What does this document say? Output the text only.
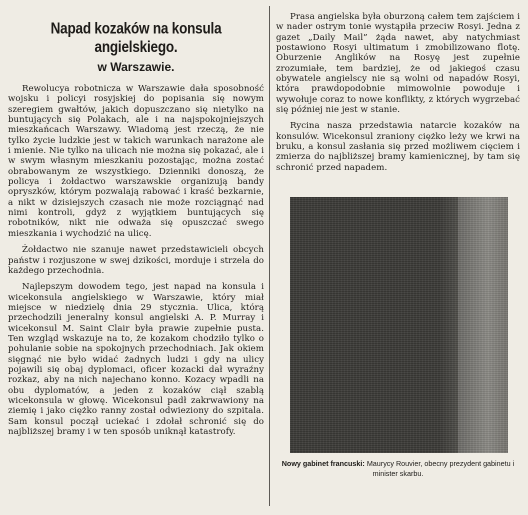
Napad kozaków na konsula angielskiego.
w Warszawie.

Rewolucya robotnicza w Warszawie dała sposobność wojsku i policyi rosyjskiej do popisania się nowym szeregiem gwałtów, jakich dopuszczano się nietylko na buntujących się Polakach, ale i na najspokojniejszych mieszkańcach Warszawy. Wiadomą jest rzeczą, że nie tylko życie ludzkie jest w takich warunkach narażone ale i mienie. Nie tylko na ulicach nie można się pokazać, ale i w swym własnym mieszkaniu pozostając, można zostać obrabowanym ze wszystkiego. Dzienniki donoszą, że policya i żołdactwo warszawskie organizują bandy opryszków, którym pozwalają rabować i kraść bezkarnie, a nikt w dzisiejszych czasach nie może rozciągnąć nad nimi kontroli, gdyż z wyjątkiem buntujących się robotników, nikt nie odważa się opuszczać swego mieszkania i wychodzić na ulicę.

Żołdactwo nie szanuje nawet przedstawicieli obcych państw i rozjuszone w swej dzikości, morduje i strzela do każdego przechodnia.

Najlepszym dowodem tego, jest napad na konsula i wicekonsula angielskiego w Warszawie, który miał miejsce w niedzielę dnia 29 stycznia. Ulica, którą przechodzili jeneralny konsul angielski A. P. Murray i wicekonsul M. Saint Clair była prawie zupełnie pusta. Ten wzgląd wskazuje na to, że kozakom chodziło tylko o pohulanie sobie na spokojnych przechodniach. Jak okiem sięgnąć nie było widać żadnych ludzi i gdy na ulicy pojawili się obaj dyplomaci, oficer kozacki dał wyraźny rozkaz, aby na nich najechano konno. Kozacy wpadli na obu dyplomatów, a jeden z kozaków ciął szablą wicekonsula w głowę. Wicekonsul padł zakrwawiony na ziemię i jako ciężko ranny został odwieziony do szpitala. Sam konsul począł uciekać i zdołał schronić się do najbliższej bramy i w ten sposób uniknął katastrofy.

Prasa angielska była oburzoną całem tem zajściem i w nader ostrym tonie wystąpiła przeciw Rosyi. Jedna z gazet „Daily Mail” żąda nawet, aby natychmiast postawiono Rosyi ultimatum i zmobilizowano flotę. Oburzenie Anglików na Rosyę jest zupełnie zrozumiałe, tem bardziej, że od jakiegoś czasu obywatele angielscy nie są wolni od napadów Rosyi, która prawdopodobnie mimowolnie powoduje i wywołuje coraz to nowe konflikty, z których wygrzebać się później nie jest w stanie.

Rycina nasza przedstawia natarcie kozaków na konsulów. Wicekonsul zraniony ciężko leży we krwi na bruku, a konsul zasłania się przed możliwem cięciem i zmierza do najbliższej bramy kamienicznej, by tam się schronić przed napadem.

Nowy gabinet francuski: Maurycy Rouvier, obecny prezydent gabinetu i minister skarbu.
